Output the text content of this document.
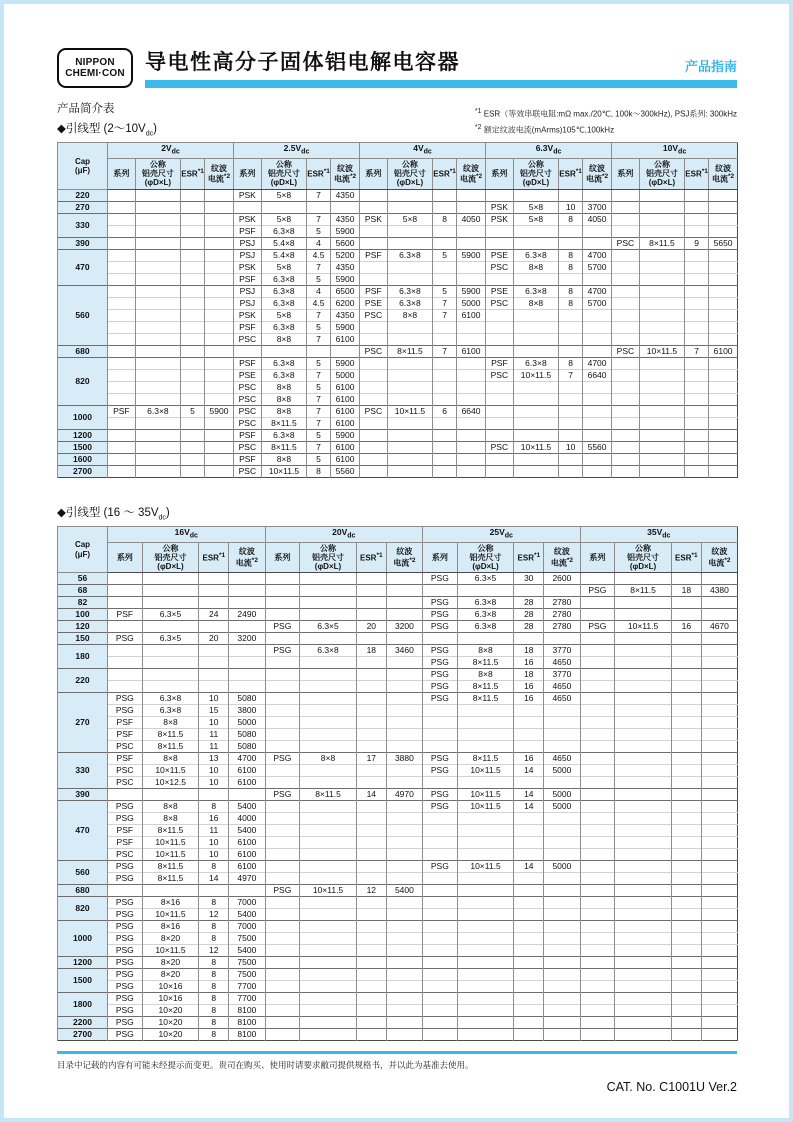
NIPPON
CHEMI·CON 导电性高分子固体铝电解电容器	产品指南
产品简介表
◆引线型 $(2\sim 10V_{dc})$
$^{*1}$ ESR（等效串联电阻:mΩ max./20℃, 100k～300kHz), PSJ系列: 300kHz
$^{*2}$ 额定纹波电流(mArms)105℃,100kHz
Cap
(μF)	$2V_{dc}$				$2.5V_{dc}$				$4V_{dc}$				$6.3V_{dc}$				$10V_{dc}$
	系列	公称
铝壳尺寸
(φD×L)	ESR$^{*1}$	纹波
电流$^{*2}$	系列	公称
铝壳尺寸
(φD×L)	ESR$^{*1}$	纹波
电流$^{*2}$	系列	公称
铝壳尺寸
(φD×L)	ESR$^{*1}$	纹波
电流$^{*2}$	系列	公称
铝壳尺寸
(φD×L)	ESR$^{*1}$	纹波
电流$^{*2}$	系列	公称
铝壳尺寸
(φD×L)	ESR$^{*1}$	纹波
电流$^{*2}$
220					PSK	5×8	7	4350												
270													PSK	5×8	10	3700				
330					PSK	5×8	7	4350	PSK	5×8	8	4050	PSK	5×8	8	4050				
					PSF	6.3×8	5	5900												
390					PSJ	5.4×8	4	5600									PSC	8×11.5	9	5650
470					PSJ	5.4×8	4.5	5200	PSF	6.3×8	5	5900	PSE	6.3×8	8	4700				
					PSK	5×8	7	4350					PSC	8×8	8	5700				
					PSF	6.3×8	5	5900												
560					PSJ	6.3×8	4	6500	PSF	6.3×8	5	5900	PSE	6.3×8	8	4700				
					PSJ	6.3×8	4.5	6200	PSE	6.3×8	7	5000	PSC	8×8	8	5700				
					PSK	5×8	7	4350	PSC	8×8	7	6100								
					PSF	6.3×8	5	5900												
					PSC	8×8	7	6100												
680									PSC	8×11.5	7	6100					PSC	10×11.5	7	6100
820					PSF	6.3×8	5	5900					PSF	6.3×8	8	4700				
					PSE	6.3×8	7	5000					PSC	10×11.5	7	6640				
					PSC	8×8	5	6100												
					PSC	8×8	7	6100												
1000	PSF	6.3×8	5	5900	PSC	8×8	7	6100	PSC	10×11.5	6	6640								
					PSC	8×11.5	7	6100												
1200					PSF	6.3×8	5	5900												
1500					PSC	8×11.5	7	6100					PSC	10×11.5	10	5560				
1600					PSF	8×8	5	6100												
2700					PSC	10×11.5	8	5560												
◆引线型 (16 ～ $35V_{dc}$)
Cap
(μF)	$16V_{dc}$				$20V_{dc}$				$25V_{dc}$				$35V_{dc}$
	系列	公称
铝壳尺寸
(φD×L)	ESR$^{*1}$	纹波
电流$^{*2}$	系列	公称
铝壳尺寸
(φD×L)	ESR$^{*1}$	纹波
电流$^{*2}$	系列	公称
铝壳尺寸
(φD×L)	ESR$^{*1}$	纹波
电流$^{*2}$	系列	公称
铝壳尺寸
(φD×L)	ESR$^{*1}$	纹波
电流$^{*2}$
56									PSG	6.3×5	30	2600				
68													PSG	8×11.5	18	4380
82									PSG	6.3×8	28	2780				
100	PSF	6.3×5	24	2490					PSG	6.3×8	28	2780				
120					PSG	6.3×5	20	3200	PSG	6.3×8	28	2780	PSG	10×11.5	16	4670
150	PSG	6.3×5	20	3200												
180					PSG	6.3×8	18	3460	PSG	8×8	18	3770				
									PSG	8×11.5	16	4650				
220									PSG	8×8	18	3770				
									PSG	8×11.5	16	4650				
270	PSG	6.3×8	10	5080					PSG	8×11.5	16	4650				
	PSG	6.3×8	15	3800												
	PSF	8×8	10	5000												
	PSF	8×11.5	11	5080												
	PSC	8×11.5	11	5080												
330	PSF	8×8	13	4700	PSG	8×8	17	3880	PSG	8×11.5	16	4650				
	PSC	10×11.5	10	6100					PSG	10×11.5	14	5000				
	PSC	10×12.5	10	6100												
390					PSG	8×11.5	14	4970	PSG	10×11.5	14	5000				
470	PSG	8×8	8	5400					PSG	10×11.5	14	5000				
	PSG	8×8	16	4000												
	PSF	8×11.5	11	5400												
	PSF	10×11.5	10	6100												
	PSC	10×11.5	10	6100												
560	PSG	8×11.5	8	6100					PSG	10×11.5	14	5000				
	PSG	8×11.5	14	4970												
680					PSG	10×11.5	12	5400								
820	PSG	8×16	8	7000												
	PSG	10×11.5	12	5400												
1000	PSG	8×16	8	7000												
	PSG	8×20	8	7500												
	PSG	10×11.5	12	5400												
1200	PSG	8×20	8	7500												
1500	PSG	8×20	8	7500												
	PSG	10×16	8	7700												
1800	PSG	10×16	8	7700												
	PSG	10×20	8	8100												
2200	PSG	10×20	8	8100												
2700	PSG	10×20	8	8100												
目录中记载的内容有可能未经提示而变更。贵司在购买、使用时请要求敝司提供规格书，并以此为基准去使用。
CAT. No. C1001U Ver.2
